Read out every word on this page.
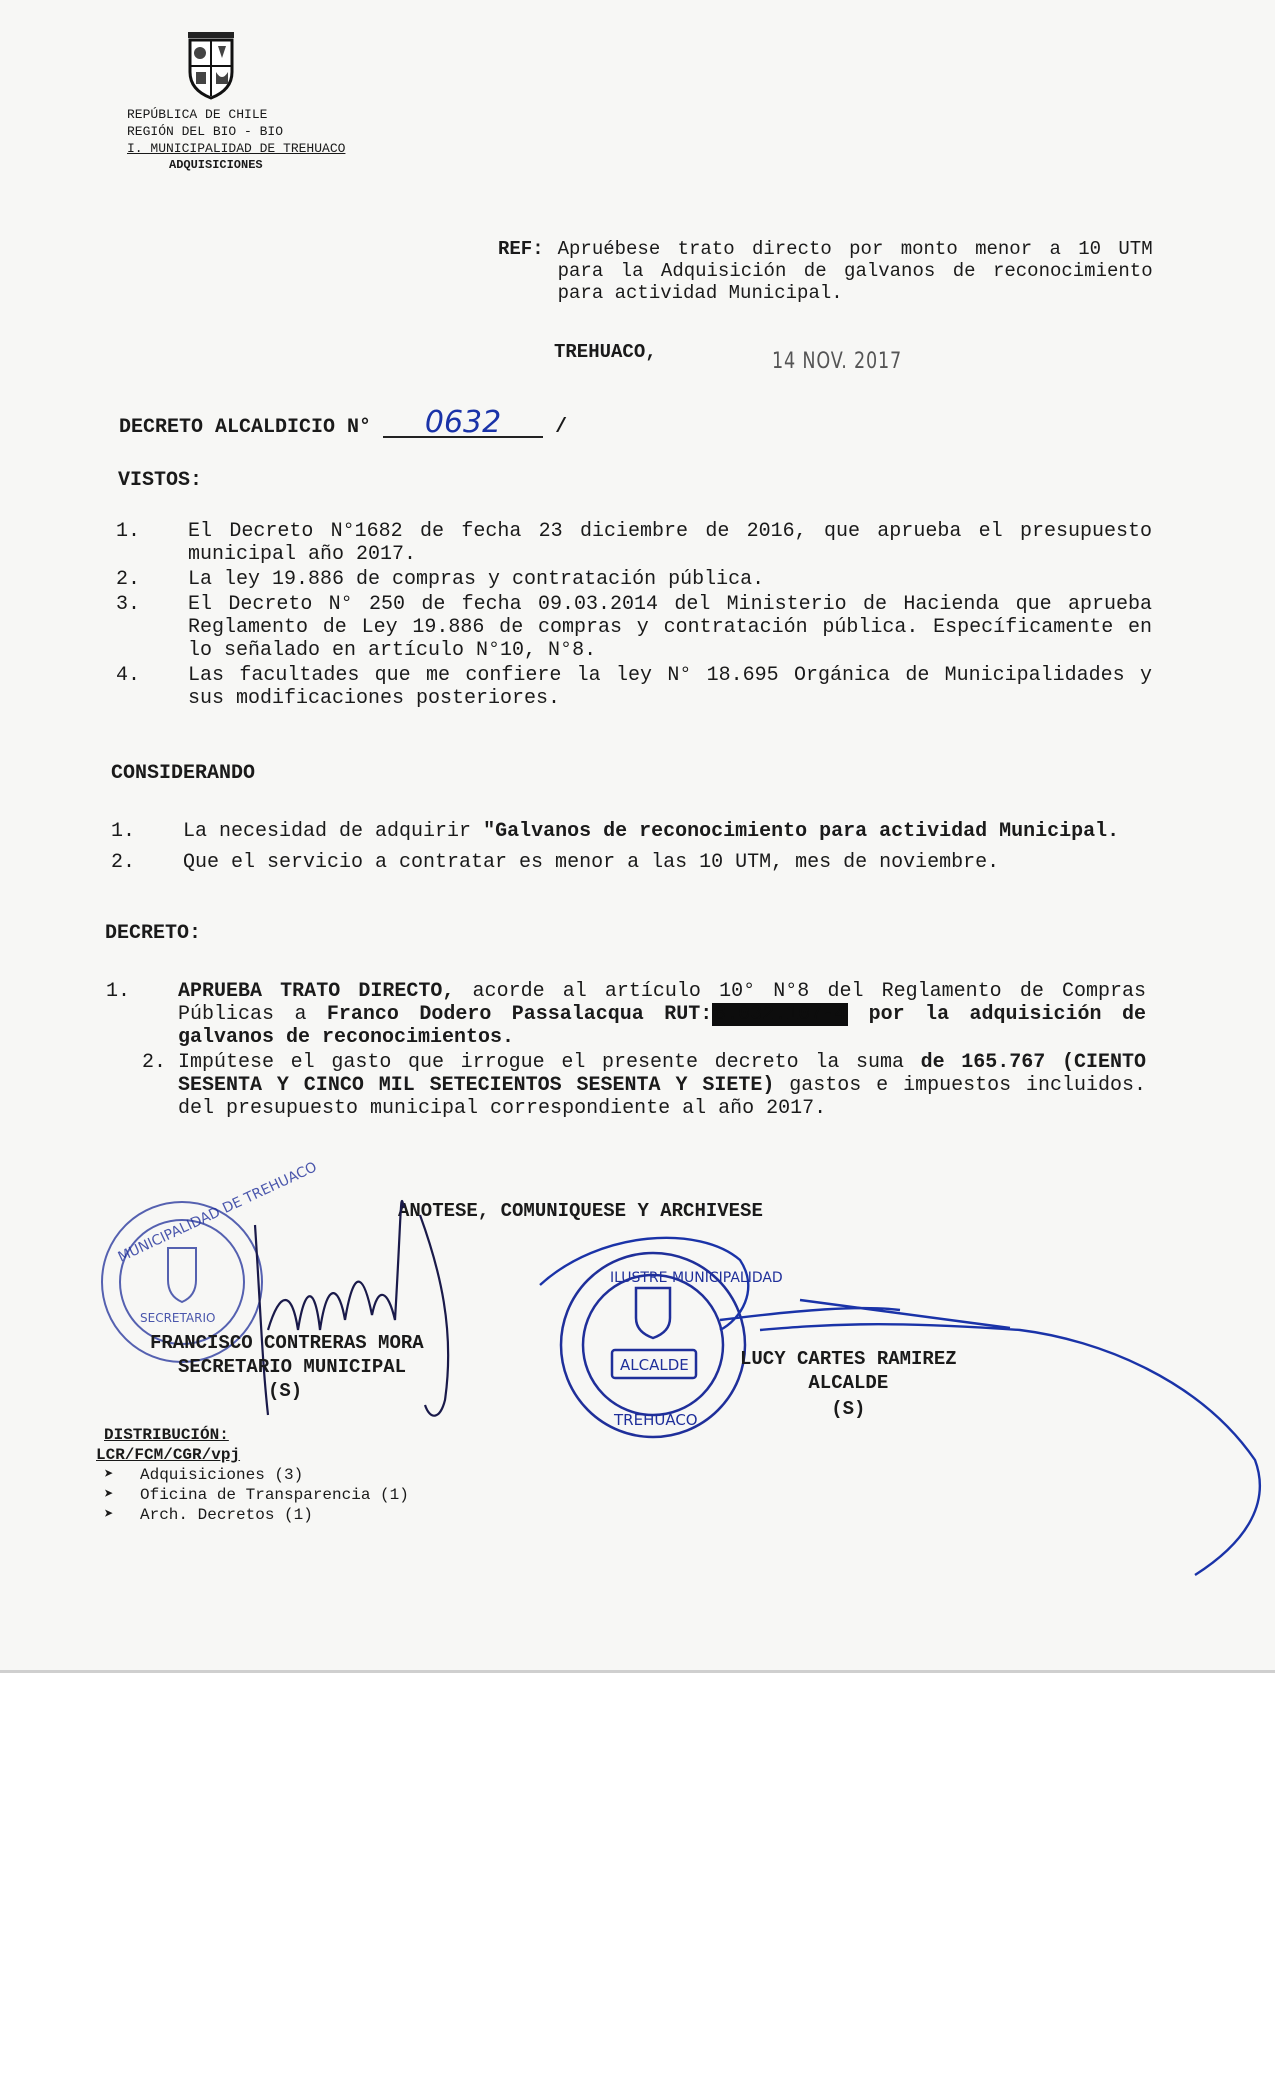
REPÚBLICA DE CHILE
REGIÓN DEL BIO - BIO
I. MUNICIPALIDAD DE TREHUACO
ADQUISICIONES
REF: Apruébese trato directo por monto menor a 10 UTM para la Adquisición de galvanos de reconocimiento para actividad Municipal.
TREHUACO,	14 NOV. 2017
DECRETO ALCALDICIO N° 0632	/
VISTOS:
1. El Decreto N°1682 de fecha 23 diciembre de 2016, que aprueba el presupuesto municipal año 2017.
2. La ley 19.886 de compras y contratación pública.
3. El Decreto N° 250 de fecha 09.03.2014 del Ministerio de Hacienda que aprueba Reglamento de Ley 19.886 de compras y contratación pública. Específicamente en lo señalado en artículo N°10, N°8.
4. Las facultades que me confiere la ley N° 18.695 Orgánica de Municipalidades y sus modificaciones posteriores.
CONSIDERANDO
1. La necesidad de adquirir "Galvanos de reconocimiento para actividad Municipal.
2. Que el servicio a contratar es menor a las 10 UTM, mes de noviembre.
DECRETO:
1. APRUEBA TRATO DIRECTO, acorde al artículo 10° N°8 del Reglamento de Compras Públicas a Franco Dodero Passalacqua RUT: 8.032.107-4 por la adquisición de galvanos de reconocimientos.
2. Impútese el gasto que irrogue el presente decreto la suma de 165.767 (CIENTO SESENTA Y CINCO MIL SETECIENTOS SESENTA Y SIETE) gastos e impuestos incluidos. del presupuesto municipal correspondiente al año 2017.
ANOTESE, COMUNIQUESE Y ARCHIVESE
MUNICIPALIDAD DE TREHUACO
SECRETARIO
FRANCISCO CONTRERAS MORA
SECRETARIO MUNICIPAL
(S)
ILUSTRE MUNICIPALIDAD
ALCALDE
TREHUACO
LUCY CARTES RAMIREZ
ALCALDE
(S)
DISTRIBUCIÓN:
LCR/FCM/CGR/vpj
➤ Adquisiciones (3)
➤ Oficina de Transparencia (1)
➤ Arch. Decretos (1)
